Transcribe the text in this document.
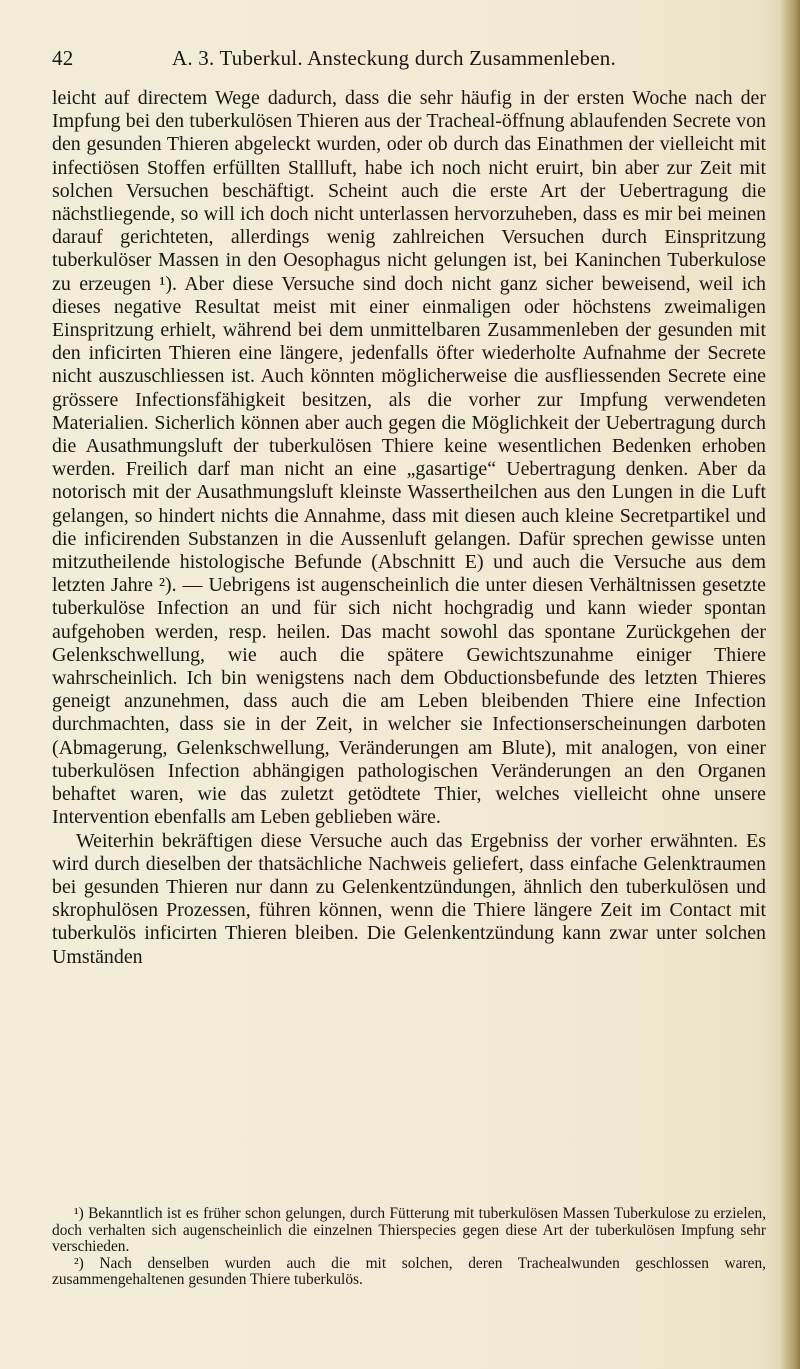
42	A. 3. Tuberkul. Ansteckung durch Zusammenleben.

leicht auf directem Wege dadurch, dass die sehr häufig in der ersten Woche nach der Impfung bei den tuberkulösen Thieren aus der Tracheal-öffnung ablaufenden Secrete von den gesunden Thieren abgeleckt wurden, oder ob durch das Einathmen der vielleicht mit infectiösen Stoffen erfüllten Stallluft, habe ich noch nicht eruirt, bin aber zur Zeit mit solchen Versuchen beschäftigt. Scheint auch die erste Art der Uebertragung die nächstliegende, so will ich doch nicht unterlassen hervorzuheben, dass es mir bei meinen darauf gerichteten, allerdings wenig zahlreichen Versuchen durch Einspritzung tuberkulöser Massen in den Oesophagus nicht gelungen ist, bei Kaninchen Tuberkulose zu erzeugen ¹). Aber diese Versuche sind doch nicht ganz sicher beweisend, weil ich dieses negative Resultat meist mit einer einmaligen oder höchstens zweimaligen Einspritzung erhielt, während bei dem unmittelbaren Zusammenleben der gesunden mit den inficirten Thieren eine längere, jedenfalls öfter wiederholte Aufnahme der Secrete nicht auszuschliessen ist. Auch könnten möglicherweise die ausfliessenden Secrete eine grössere Infectionsfähigkeit besitzen, als die vorher zur Impfung verwendeten Materialien. Sicherlich können aber auch gegen die Möglichkeit der Uebertragung durch die Ausathmungsluft der tuberkulösen Thiere keine wesentlichen Bedenken erhoben werden. Freilich darf man nicht an eine „gasartige“ Uebertragung denken. Aber da notorisch mit der Ausathmungsluft kleinste Wassertheilchen aus den Lungen in die Luft gelangen, so hindert nichts die Annahme, dass mit diesen auch kleine Secretpartikel und die inficirenden Substanzen in die Aussenluft gelangen. Dafür sprechen gewisse unten mitzutheilende histologische Befunde (Abschnitt E) und auch die Versuche aus dem letzten Jahre ²). — Uebrigens ist augenscheinlich die unter diesen Verhältnissen gesetzte tuberkulöse Infection an und für sich nicht hochgradig und kann wieder spontan aufgehoben werden, resp. heilen. Das macht sowohl das spontane Zurückgehen der Gelenkschwellung, wie auch die spätere Gewichtszunahme einiger Thiere wahrscheinlich. Ich bin wenigstens nach dem Obductionsbefunde des letzten Thieres geneigt anzunehmen, dass auch die am Leben bleibenden Thiere eine Infection durchmachten, dass sie in der Zeit, in welcher sie Infectionserscheinungen darboten (Abmagerung, Gelenkschwellung, Veränderungen am Blute), mit analogen, von einer tuberkulösen Infection abhängigen pathologischen Veränderungen an den Organen behaftet waren, wie das zuletzt getödtete Thier, welches vielleicht ohne unsere Intervention ebenfalls am Leben geblieben wäre.

Weiterhin bekräftigen diese Versuche auch das Ergebniss der vorher erwähnten. Es wird durch dieselben der thatsächliche Nachweis geliefert, dass einfache Gelenktraumen bei gesunden Thieren nur dann zu Gelenkentzündungen, ähnlich den tuberkulösen und skrophulösen Prozessen, führen können, wenn die Thiere längere Zeit im Contact mit tuberkulös inficirten Thieren bleiben. Die Gelenkentzündung kann zwar unter solchen Umständen

¹) Bekanntlich ist es früher schon gelungen, durch Fütterung mit tuberkulösen Massen Tuberkulose zu erzielen, doch verhalten sich augenscheinlich die einzelnen Thierspecies gegen diese Art der tuberkulösen Impfung sehr verschieden.

²) Nach denselben wurden auch die mit solchen, deren Trachealwunden geschlossen waren, zusammengehaltenen gesunden Thiere tuberkulös.
